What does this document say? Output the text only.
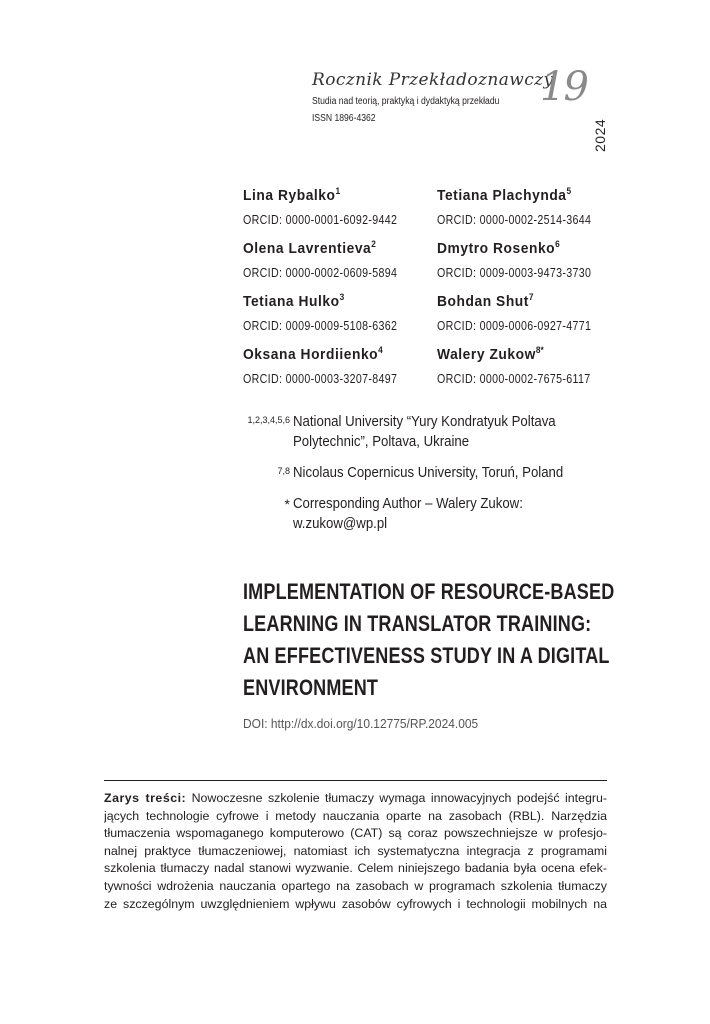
Rocznik Przekładoznawczy
Studia nad teorią, praktyką i dydaktyką przekładu
ISSN 1896-4362
19
2024
Lina Rybalko$^1$
ORCID: 0000-0001-6092-9442
Tetiana Plachynda$^5$
ORCID: 0000-0002-2514-3644
Olena Lavrentieva$^2$
ORCID: 0000-0002-0609-5894
Dmytro Rosenko$^6$
ORCID: 0009-0003-9473-3730
Tetiana Hulko$^3$
ORCID: 0009-0009-5108-6362
Bohdan Shut$^7$
ORCID: 0009-0006-0927-4771
Oksana Hordiienko$^4$
ORCID: 0000-0003-3207-8497
Walery Zukow$^{8*}$
ORCID: 0000-0002-7675-6117
1,2,3,4,5,6 National University “Yury Kondratyuk Poltava Polytechnic”, Poltava, Ukraine
7,8 Nicolaus Copernicus University, Toruń, Poland
* Corresponding Author – Walery Zukow: w.zukow@wp.pl
IMPLEMENTATION OF RESOURCE-BASED LEARNING IN TRANSLATOR TRAINING: AN EFFECTIVENESS STUDY IN A DIGITAL ENVIRONMENT
DOI: http://dx.doi.org/10.12775/RP.2024.005
Zarys treści: Nowoczesne szkolenie tłumaczy wymaga innowacyjnych podejść integru-
jących technologie cyfrowe i metody nauczania oparte na zasobach (RBL). Narzędzia
tłumaczenia wspomaganego komputerowo (CAT) są coraz powszechniejsze w profesjo-
nalnej praktyce tłumaczeniowej, natomiast ich systematyczna integracja z programami
szkolenia tłumaczy nadal stanowi wyzwanie. Celem niniejszego badania była ocena efek-
tywności wdrożenia nauczania opartego na zasobach w programach szkolenia tłumaczy
ze szczególnym uwzględnieniem wpływu zasobów cyfrowych i technologii mobilnych na
